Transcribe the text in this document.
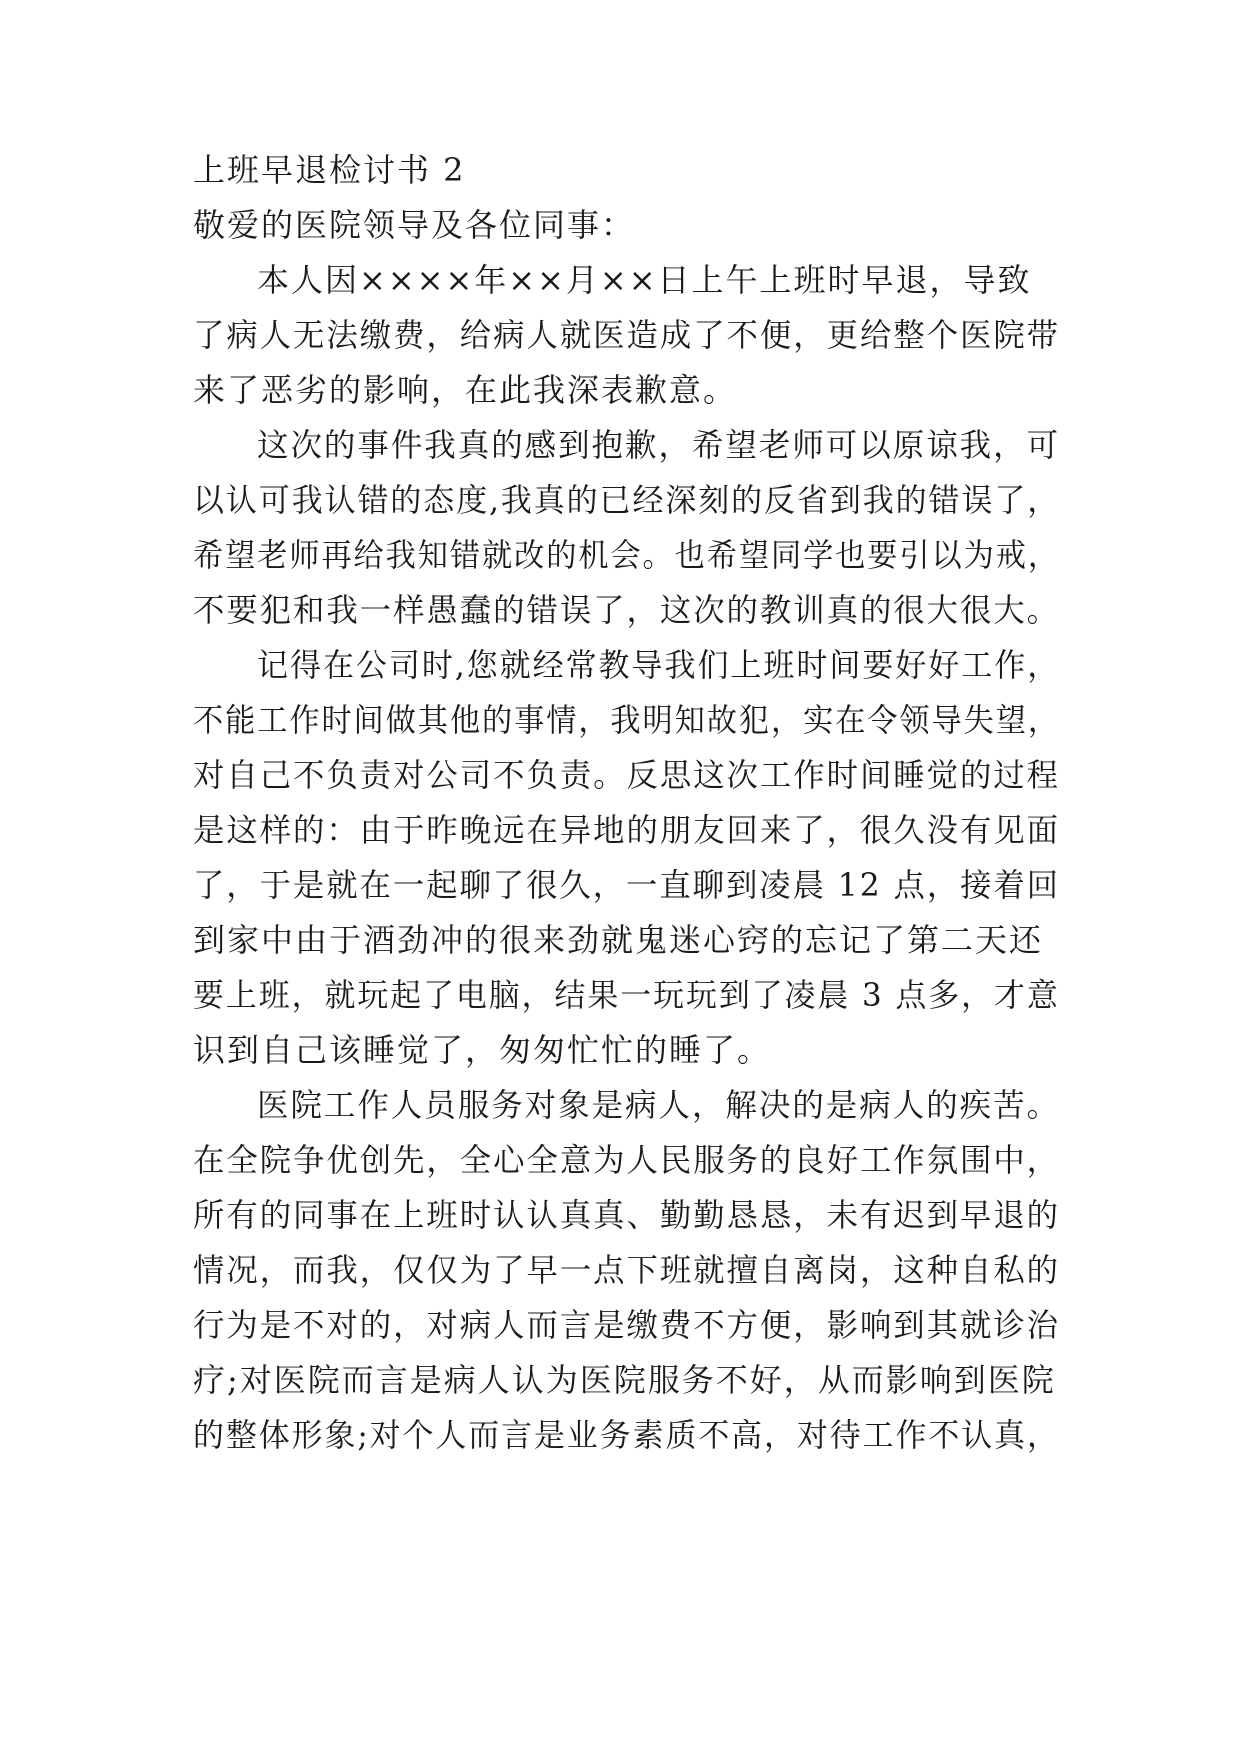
上班早退检讨书 2
敬爱的医院领导及各位同事：
本人因××××年××月××日上午上班时早退，导致
了病人无法缴费，给病人就医造成了不便，更给整个医院带
来了恶劣的影响，在此我深表歉意。
这次的事件我真的感到抱歉，希望老师可以原谅我，可
以认可我认错的态度,我真的已经深刻的反省到我的错误了，
希望老师再给我知错就改的机会。也希望同学也要引以为戒，
不要犯和我一样愚蠢的错误了，这次的教训真的很大很大。
记得在公司时,您就经常教导我们上班时间要好好工作，
不能工作时间做其他的事情，我明知故犯，实在令领导失望，
对自己不负责对公司不负责。反思这次工作时间睡觉的过程
是这样的：由于昨晚远在异地的朋友回来了，很久没有见面
了，于是就在一起聊了很久，一直聊到凌晨 12 点，接着回
到家中由于酒劲冲的很来劲就鬼迷心窍的忘记了第二天还
要上班，就玩起了电脑，结果一玩玩到了凌晨 3 点多，才意
识到自己该睡觉了，匆匆忙忙的睡了。
医院工作人员服务对象是病人，解决的是病人的疾苦。
在全院争优创先，全心全意为人民服务的良好工作氛围中，
所有的同事在上班时认认真真、勤勤恳恳，未有迟到早退的
情况，而我，仅仅为了早一点下班就擅自离岗，这种自私的
行为是不对的，对病人而言是缴费不方便，影响到其就诊治
疗;对医院而言是病人认为医院服务不好，从而影响到医院
的整体形象;对个人而言是业务素质不高，对待工作不认真，
